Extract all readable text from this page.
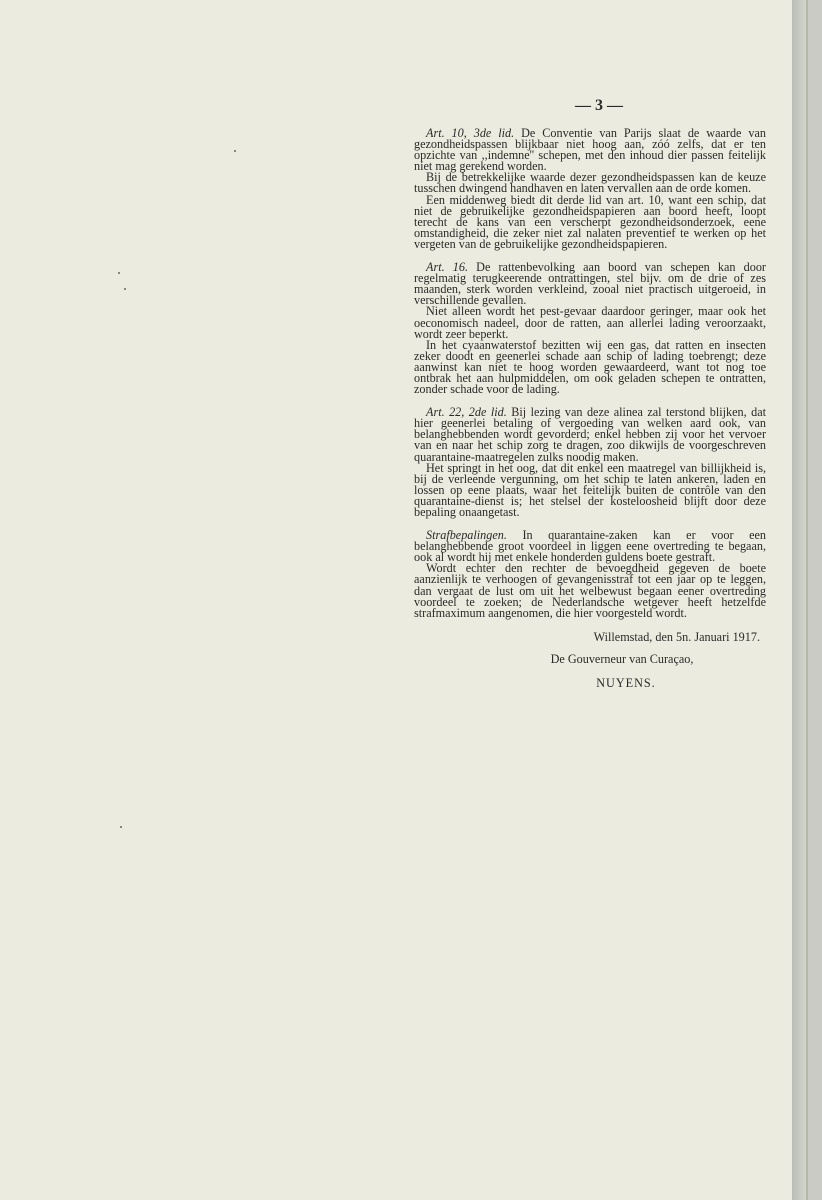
— 3 —

Art. 10, 3de lid. De Conventie van Parijs slaat de waarde van gezondheidspassen blijkbaar niet hoog aan, zóó zelfs, dat er ten opzichte van ,,indemne'' schepen, met den inhoud dier passen feitelijk niet mag gerekend worden.

Bij de betrekkelijke waarde dezer gezondheidspassen kan de keuze tusschen dwingend handhaven en laten vervallen aan de orde komen.

Een middenweg biedt dit derde lid van art. 10, want een schip, dat niet de gebruikelijke gezondheidspapieren aan boord heeft, loopt terecht de kans van een verscherpt gezondheidsonderzoek, eene omstandigheid, die zeker niet zal nalaten preventief te werken op het vergeten van de gebruikelijke gezondheidspapieren.

Art. 16. De rattenbevolking aan boord van schepen kan door regelmatig terugkeerende ontrattingen, stel bijv. om de drie of zes maanden, sterk worden verkleind, zooal niet practisch uitgeroeid, in verschillende gevallen.

Niet alleen wordt het pest-gevaar daardoor geringer, maar ook het oeconomisch nadeel, door de ratten, aan allerlei lading veroorzaakt, wordt zeer beperkt.

In het cyaanwaterstof bezitten wij een gas, dat ratten en insecten zeker doodt en geenerlei schade aan schip of lading toebrengt; deze aanwinst kan niet te hoog worden gewaardeerd, want tot nog toe ontbrak het aan hulpmiddelen, om ook geladen schepen te ontratten, zonder schade voor de lading.

Art. 22, 2de lid. Bij lezing van deze alinea zal terstond blijken, dat hier geenerlei betaling of vergoeding van welken aard ook, van belanghebbenden wordt gevorderd; enkel hebben zij voor het vervoer van en naar het schip zorg te dragen, zoo dikwijls de voorgeschreven quarantaine-maatregelen zulks noodig maken.

Het springt in het oog, dat dit enkel een maatregel van billijkheid is, bij de verleende vergunning, om het schip te laten ankeren, laden en lossen op eene plaats, waar het feitelijk buiten de contrôle van den quarantaine-dienst is; het stelsel der kosteloosheid blijft door deze bepaling onaangetast.

Strafbepalingen. In quarantaine-zaken kan er voor een belanghebbende groot voordeel in liggen eene overtreding te begaan, ook al wordt hij met enkele honderden guldens boete gestraft.

Wordt echter den rechter de bevoegdheid gegeven de boete aanzienlijk te verhoogen of gevangenisstraf tot een jaar op te leggen, dan vergaat de lust om uit het welbewust begaan eener overtreding voordeel te zoeken; de Nederlandsche wetgever heeft hetzelfde strafmaximum aangenomen, die hier voorgesteld wordt.

Willemstad, den 5n. Januari 1917.
De Gouverneur van Curaçao,
NUYENS.
